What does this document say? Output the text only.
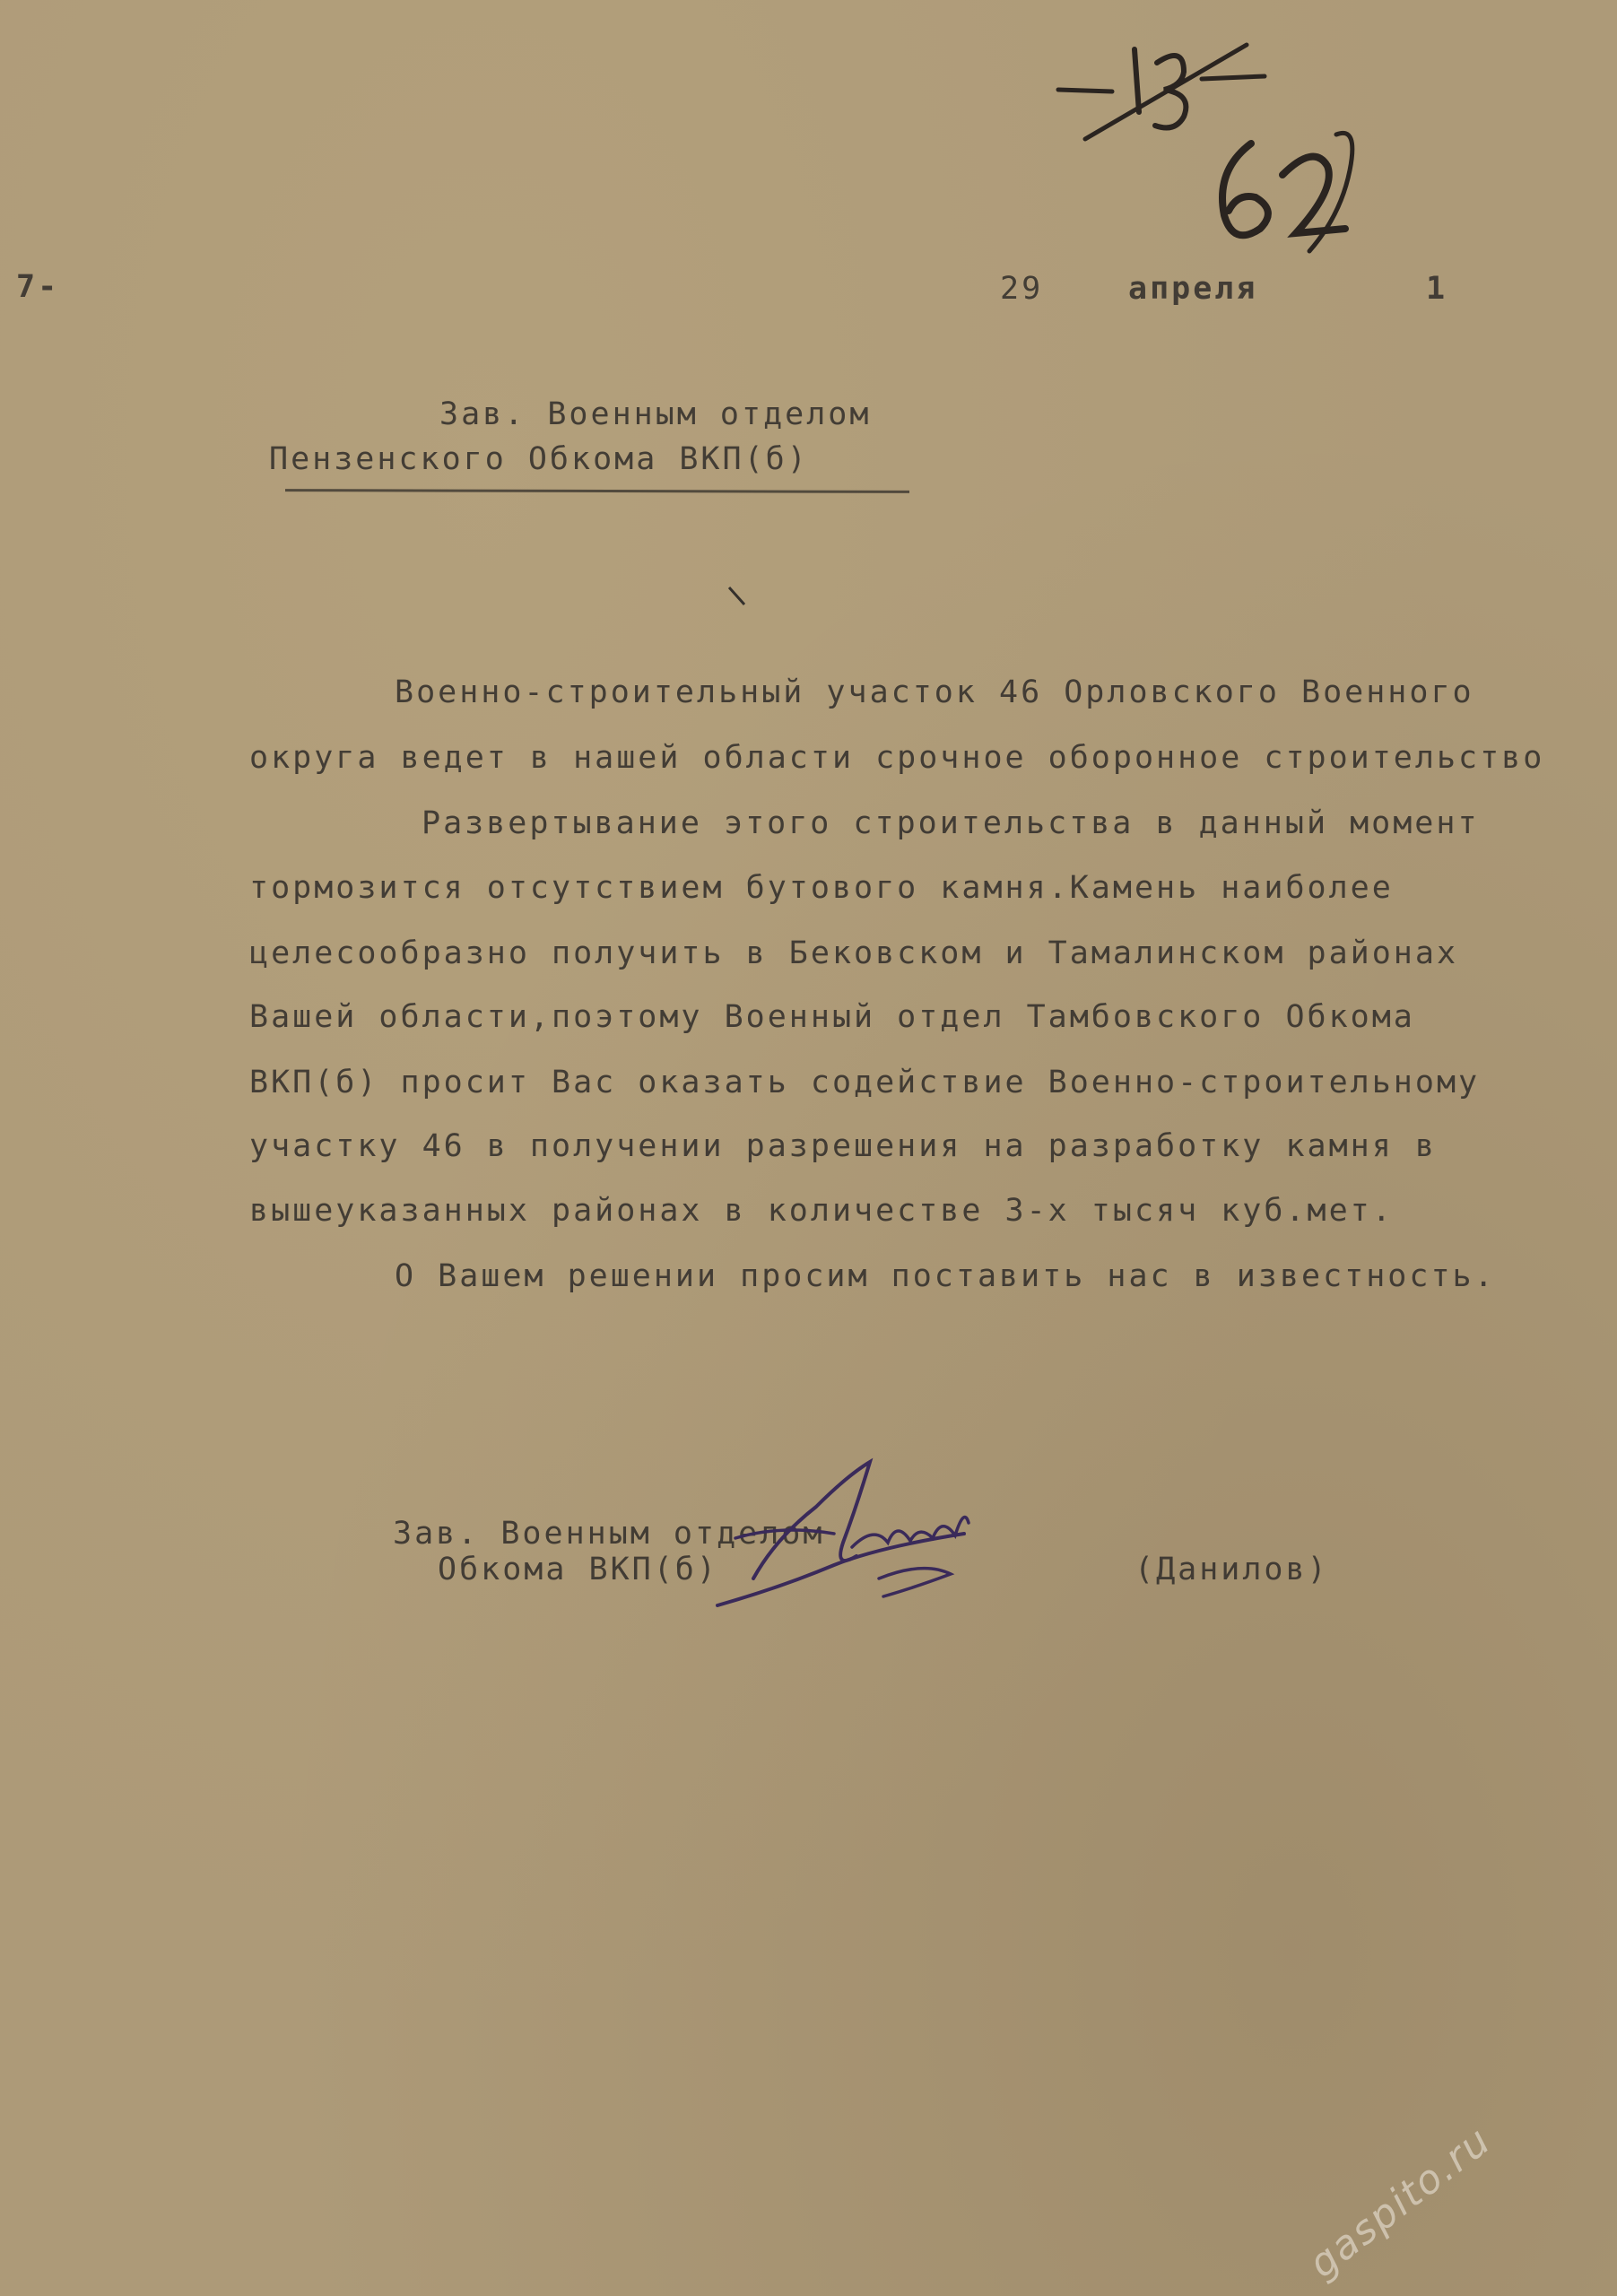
7-	29	апреля	1
Зав. Военным отделом
Пензенского Обкома ВКП(б)
Военно-строительный участок 46 Орловского Военного
округа ведет в нашей области срочное оборонное строительство
Развертывание этого строительства в данный момент
тормозится отсутствием бутового камня.Камень наиболее
целесообразно получить в Бековском и Тамалинском районах
Вашей области,поэтому Военный отдел Тамбовского Обкома
ВКП(б) просит Вас оказать содействие Военно-строительному
участку 46 в получении разрешения на разработку камня в
вышеуказанных районах в количестве 3-х тысяч куб.мет.
О Вашем решении просим поставить нас в известность.
Зав. Военным отделом
Обкома ВКП(б)	(Данилов)
gaspito.ru
